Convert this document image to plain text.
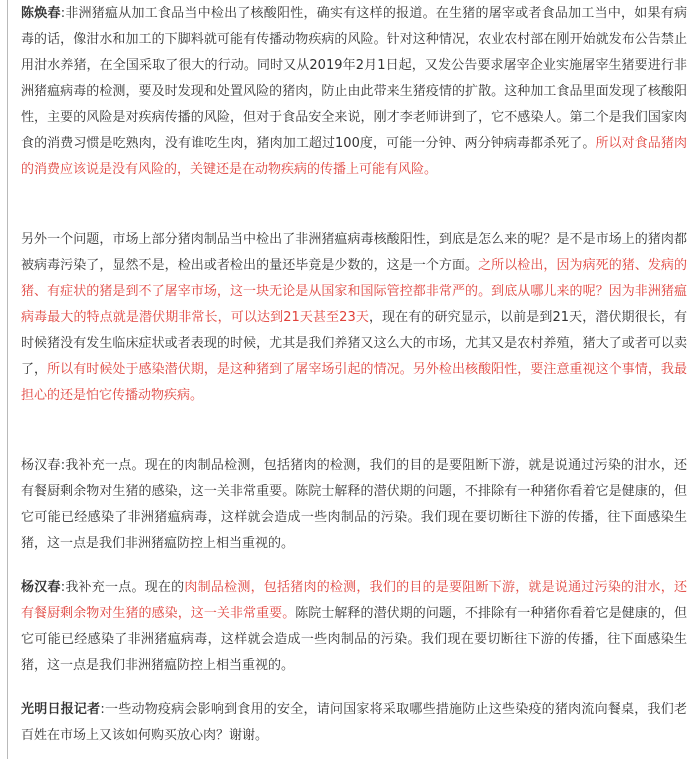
陈焕春:非洲猪瘟从加工食品当中检出了核酸阳性，确实有这样的报道。在生猪的屠宰或者食品加工当中，如果有病毒的话，像泔水和加工的下脚料就可能有传播动物疾病的风险。针对这种情况，农业农村部在刚开始就发布公告禁止用泔水养猪，在全国采取了很大的行动。同时又从2019年2月1日起，又发公告要求屠宰企业实施屠宰生猪要进行非洲猪瘟病毒的检测，要及时发现和处置风险的猪肉，防止由此带来生猪疫情的扩散。这种加工食品里面发现了核酸阳性，主要的风险是对疾病传播的风险，但对于食品安全来说，刚才李老师讲到了，它不感染人。第二个是我们国家肉食的消费习惯是吃熟肉，没有谁吃生肉，猪肉加工超过100度，可能一分钟、两分钟病毒都杀死了。所以对食品猪肉的消费应该说是没有风险的，关键还是在动物疾病的传播上可能有风险。

另外一个问题，市场上部分猪肉制品当中检出了非洲猪瘟病毒核酸阳性，到底是怎么来的呢？是不是市场上的猪肉都被病毒污染了，显然不是，检出或者检出的量还毕竟是少数的，这是一个方面。之所以检出，因为病死的猪、发病的猪、有症状的猪是到不了屠宰市场，这一块无论是从国家和国际管控都非常严的。到底从哪儿来的呢？因为非洲猪瘟病毒最大的特点就是潜伏期非常长，可以达到21天甚至23天，现在有的研究显示，以前是到21天，潜伏期很长，有时候猪没有发生临床症状或者表现的时候，尤其是我们养猪又这么大的市场，尤其又是农村养殖，猪大了或者可以卖了，所以有时候处于感染潜伏期，是这种猪到了屠宰场引起的情况。另外检出核酸阳性，要注意重视这个事情，我最担心的还是怕它传播动物疾病。

杨汉春:我补充一点。现在的肉制品检测，包括猪肉的检测，我们的目的是要阻断下游，就是说通过污染的泔水，还有餐厨剩余物对生猪的感染，这一关非常重要。陈院士解释的潜伏期的问题，不排除有一种猪你看着它是健康的，但它可能已经感染了非洲猪瘟病毒，这样就会造成一些肉制品的污染。我们现在要切断往下游的传播，往下面感染生猪，这一点是我们非洲猪瘟防控上相当重视的。

杨汉春:我补充一点。现在的肉制品检测，包括猪肉的检测，我们的目的是要阻断下游，就是说通过污染的泔水，还有餐厨剩余物对生猪的感染，这一关非常重要。陈院士解释的潜伏期的问题，不排除有一种猪你看着它是健康的，但它可能已经感染了非洲猪瘟病毒，这样就会造成一些肉制品的污染。我们现在要切断往下游的传播，往下面感染生猪，这一点是我们非洲猪瘟防控上相当重视的。

光明日报记者:一些动物疫病会影响到食用的安全，请问国家将采取哪些措施防止这些染疫的猪肉流向餐桌，我们老百姓在市场上又该如何购买放心肉？谢谢。
